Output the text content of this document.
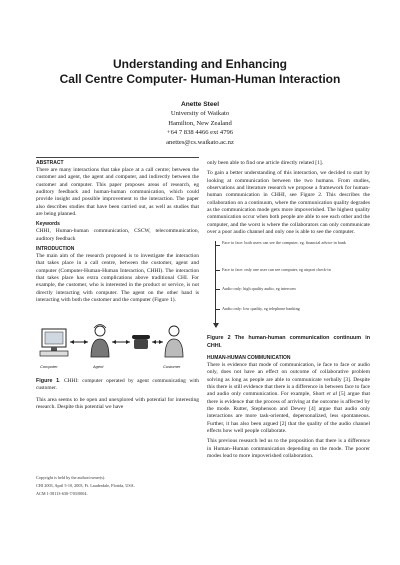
Understanding and Enhancing
Call Centre Computer- Human-Human Interaction
Anette Steel
University of Waikato
Hamilton, New Zealand
+64 7 838 4466 ext 4796
anettes@cs.waikato.ac.nz
ABSTRACT

There are many interactions that take place at a call centre; between the customer and agent, the agent and computer, and indirectly between the customer and computer. This paper proposes areas of research, eg auditory feedback and human-human communication, which could provide insight and possible improvement to the interaction. The paper also describes studies that have been carried out, as well as studies that are being planned.

Keywords

CHHI, Human-human communication, CSCW, telecommunication, auditory feedback

INTRODUCTION

The main aim of the research proposed is to investigate the interaction that takes place in a call centre, between the customer, agent and computer (Computer-Human-Human Interaction, CHHI). The interaction that takes place has extra complications above traditional CHI. For example, the customer, who is interested in the product or service, is not directly interacting with computer. The agent on the other hand is interacting with both the customer and the computer (Figure 1).

Computer	Agent	Customer

Figure 1. CHHI: computer operated by agent communicating with customer.

This area seems to be open and unexplored with potential for interesting research. Despite this potential we have

Copyright is held by the author/owner(s).
CHI 2003, April 5-10, 2003, Ft. Lauderdale, Florida, USA.
ACM 1-58113-630-7/03/0004.

only been able to find one article directly related [1].

To gain a better understanding of this interaction, we decided to start by looking at communication between the two humans. From studies, observations and literature research we propose a framework for human-human communication in CHHI, see Figure 2. This describes the collaboration on a continuum, where the communication quality degrades as the communication mode gets more impoverished. The highest quality communication occur when both people are able to see each other and the computer, and the worst is where the collaborators can only communicate over a poor audio channel and only one is able to see the computer.

Face to face: both users can see the computer, eg. financial advice in bank
Face to face: only one user can see computer, eg airport check-in
Audio only: high quality audio, eg intercom
Audio only: low quality, eg telephone banking

Figure 2 The human-human communication continuum in CHHI.

HUMAN-HUMAN COMMUNICATION

There is evidence that mode of communication, ie face to face or audio only, does not have an effect on outcome of collaborative problem solving as long as people are able to communicate verbally [3]. Despite this there is still evidence that there is a difference in between face to face and audio only communication. For example, Short et al [5] argue that there is evidence that the process of arriving at the outcome is affected by the mode. Rutter, Stephenson and Dewey [4] argue that audio only interactions are more task-oriented, depersonalized, less spontaneous. Further, it has also been argued [2] that the quality of the audio channel effects how well people collaborate.

This previous research led us to the proposition that there is a difference in Human–Human communication depending on the mode. The poorer modes lead to more impoverished collaboration.
